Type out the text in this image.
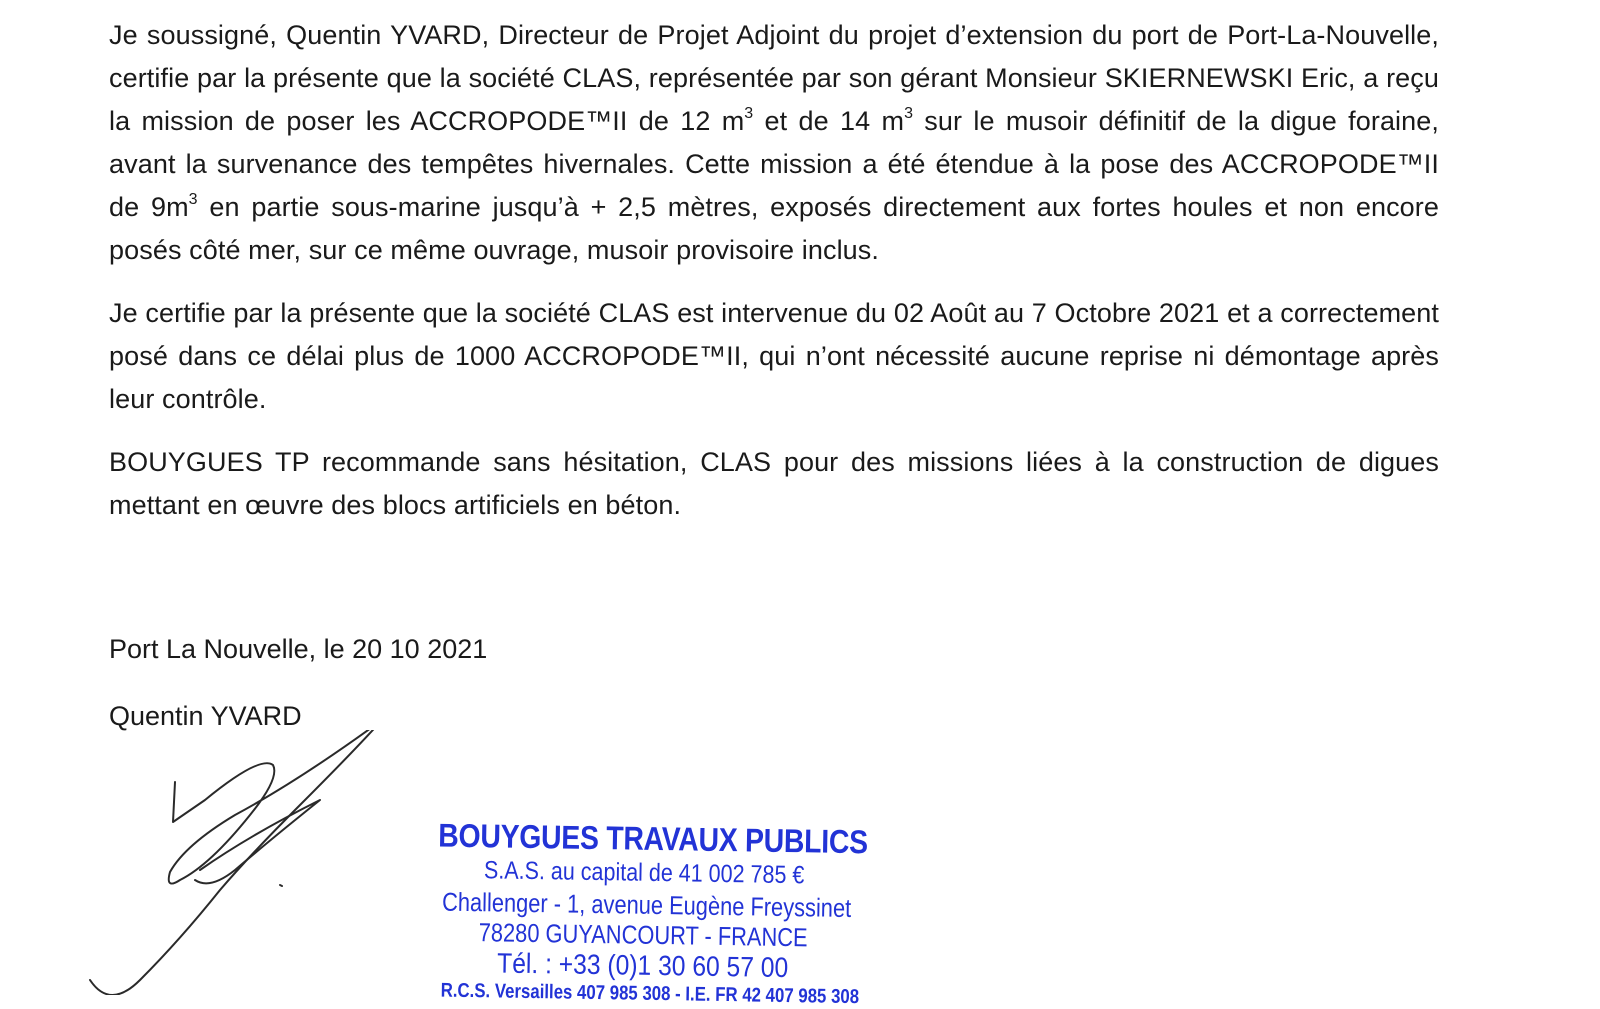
Je soussigné, Quentin YVARD, Directeur de Projet Adjoint du projet d’extension du port de Port-La-Nouvelle, certifie par la présente que la société CLAS, représentée par son gérant Monsieur SKIERNEWSKI Eric, a reçu la mission de poser les ACCROPODE™II de 12 $m^3$ et de 14 $m^3$ sur le musoir définitif de la digue foraine, avant la survenance des tempêtes hivernales. Cette mission a été étendue à la pose des ACCROPODE™II de $9m^3$ en partie sous-marine jusqu’à + 2,5 mètres, exposés directement aux fortes houles et non encore posés côté mer, sur ce même ouvrage, musoir provisoire inclus.

Je certifie par la présente que la société CLAS est intervenue du 02 Août au 7 Octobre 2021 et a correctement posé dans ce délai plus de 1000 ACCROPODE™II, qui n’ont nécessité aucune reprise ni démontage après leur contrôle.

BOUYGUES TP recommande sans hésitation, CLAS pour des missions liées à la construction de digues mettant en œuvre des blocs artificiels en béton.

Port La Nouvelle, le 20 10 2021
Quentin YVARD
BOUYGUES TRAVAUX PUBLICS
S.A.S. au capital de 41 002 785 €
Challenger - 1, avenue Eugène Freyssinet
78280 GUYANCOURT - FRANCE
Tél. : +33 (0)1 30 60 57 00
R.C.S. Versailles 407 985 308 - I.E. FR 42 407 985 308
